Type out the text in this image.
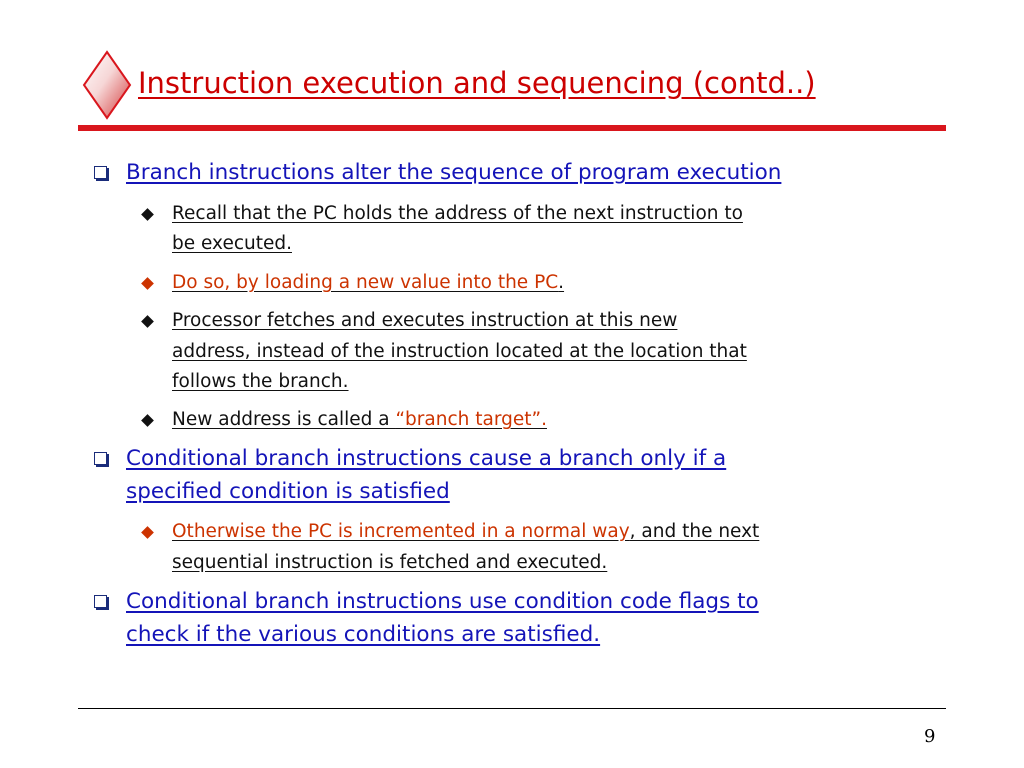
Instruction execution and sequencing (contd..)
Branch instructions alter the sequence of program execution
Recall that the PC holds the address of the next instruction to
be executed.
Do so, by loading a new value into the PC.
Processor fetches and executes instruction at this new
address, instead of the instruction located at the location that
follows the branch.
New address is called a “branch target”.
Conditional branch instructions cause a branch only if a
specified condition is satisfied
Otherwise the PC is incremented in a normal way, and the next
sequential instruction is fetched and executed.
Conditional branch instructions use condition code flags to
check if the various conditions are satisfied.
9
